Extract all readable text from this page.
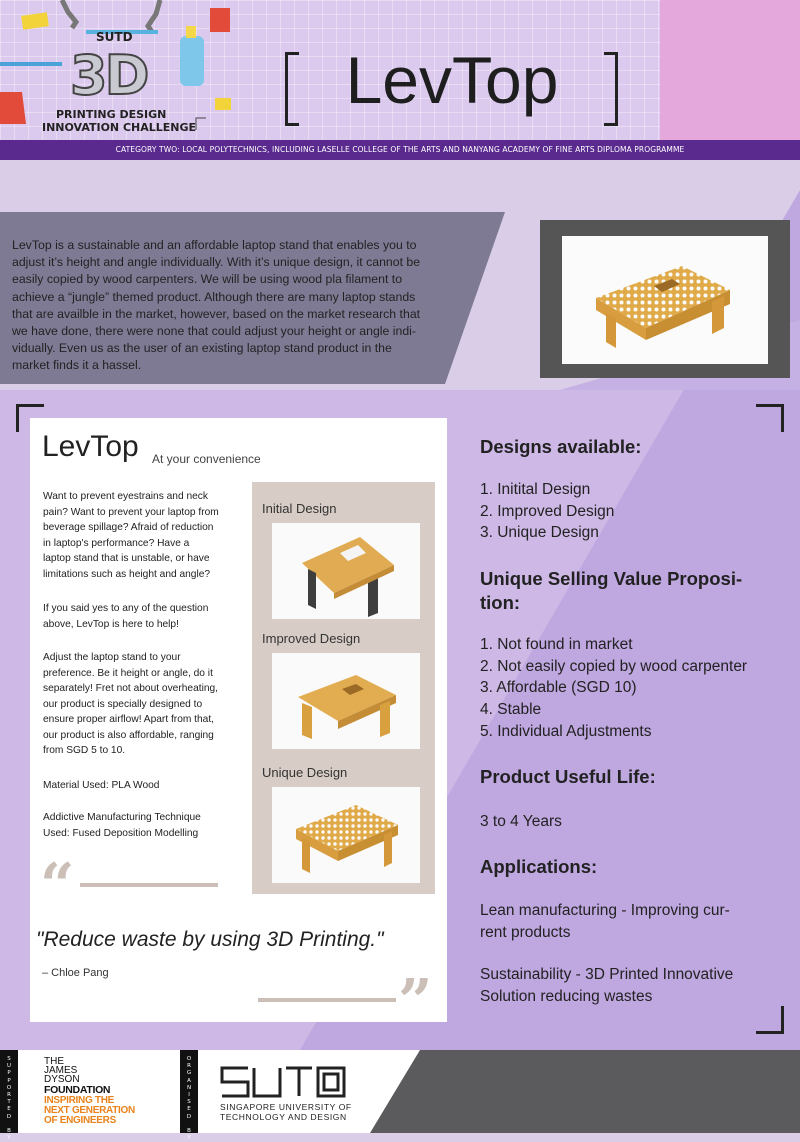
SUTD
3D
PRINTING DESIGN
INNOVATION CHALLENGE
LevTop
CATEGORY TWO: LOCAL POLYTECHNICS, INCLUDING LASELLE COLLEGE OF THE ARTS AND NANYANG ACADEMY OF FINE ARTS DIPLOMA PROGRAMME
LevTop is a sustainable and an affordable laptop stand that enables you to
adjust it’s height and angle individually. With it’s unique design, it cannot be
easily copied by wood carpenters. We will be using wood pla filament to
achieve a “jungle” themed product. Although there are many laptop stands
that are availble in the market, however, based on the market research that
we have done, there were none that could adjust your height or angle indi-
vidually. Even us as the user of an existing laptop stand product in the
market finds it a hassel.
LevTop At your convenience
Want to prevent eyestrains and neck
pain? Want to prevent your laptop from
beverage spillage? Afraid of reduction
in laptop's performance? Have a
laptop stand that is unstable, or have
limitations such as height and angle?
If you said yes to any of the question
above, LevTop is here to help!
Adjust the laptop stand to your
preference. Be it height or angle, do it
separately! Fret not about overheating,
our product is specially designed to
ensure proper airflow! Apart from that,
our product is also affordable, ranging
from SGD 5 to 10.
Material Used: PLA Wood
Addictive Manufacturing Technique
Used: Fused Deposition Modelling
Initial Design
Improved Design
Unique Design
“
"Reduce waste by using 3D Printing."
– Chloe Pang	”
Designs available:
1. Initital Design
2. Improved Design
3. Unique Design
Unique Selling Value Proposi-
tion:
1. Not found in market
2. Not easily copied by wood carpenter
3. Affordable (SGD 10)
4. Stable
5. Individual Adjustments
Product Useful Life:
3 to 4 Years
Applications:
Lean manufacturing - Improving cur-
rent products
Sustainability - 3D Printed Innovative
Solution reducing wastes
S
U
P
P
O
R
T
E
D

B
Y
THE
JAMES
DYSON
FOUNDATION
INSPIRING THE
NEXT GENERATION
OF ENGINEERS
O
R
G
A
N
I
S
E
D

B
Y
SINGAPORE UNIVERSITY OF
TECHNOLOGY AND DESIGN
